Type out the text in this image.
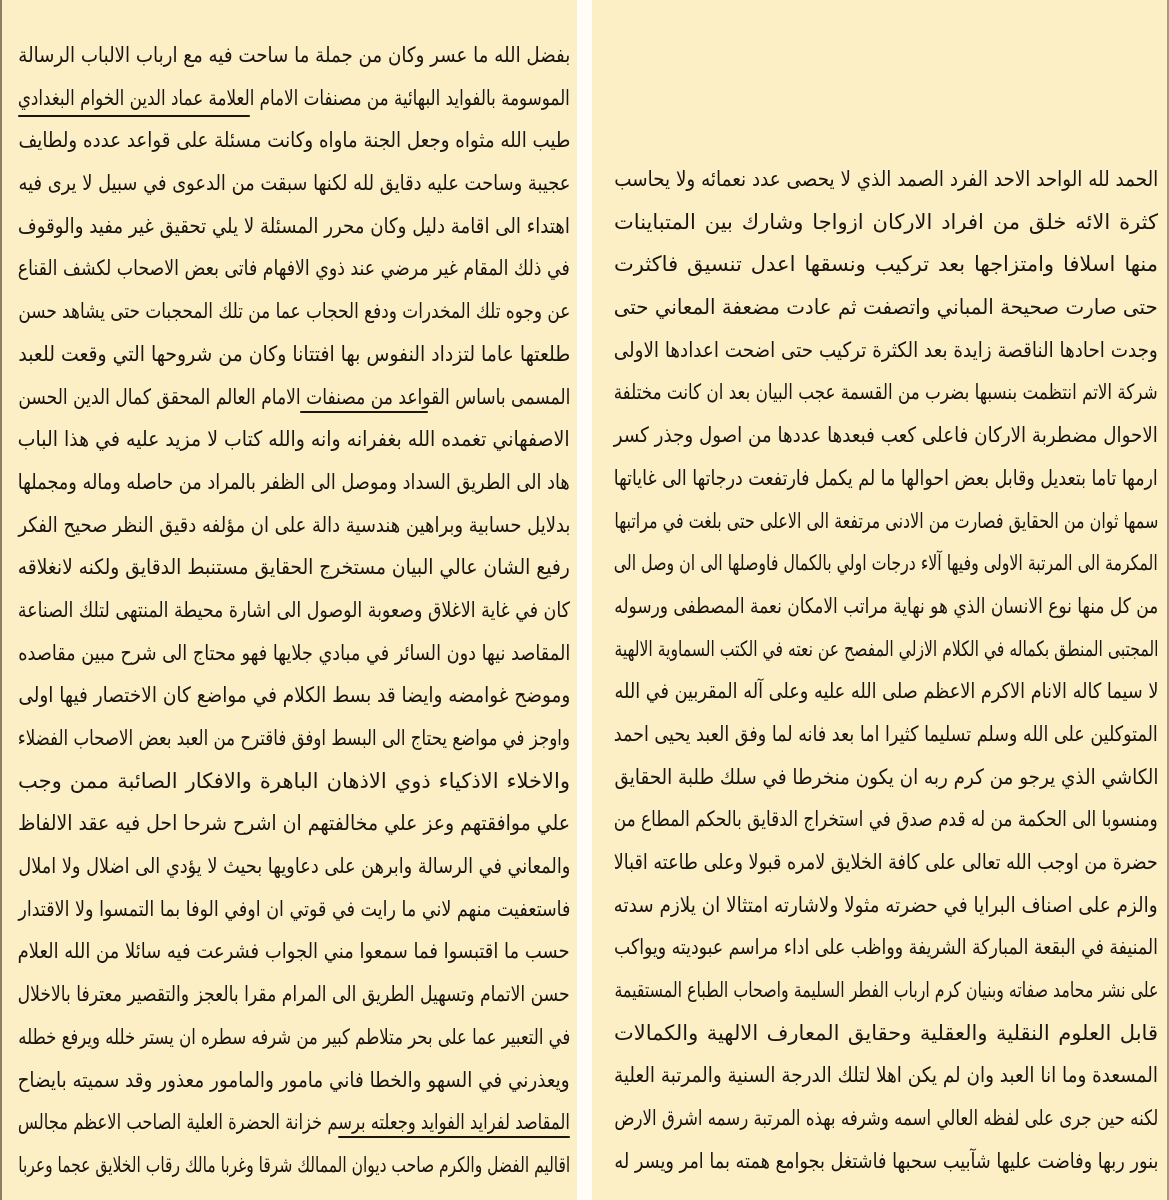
بفضل الله ما عسر وكان من جملة ما ساحت فيه مع ارباب الالباب الرسالة
الموسومة بالفوايد البهائية من مصنفات الامام العلامة عماد الدين الخوام البغدادي
طيب الله مثواه وجعل الجنة ماواه وكانت مسئلة على قواعد عدده ولطايف
عجيبة وساحت عليه دقايق لله لكنها سبقت من الدعوى في سبيل لا يرى فيه
اهتداء الى اقامة دليل وكان محرر المسئلة لا يلي تحقيق غير مفيد والوقوف
في ذلك المقام غير مرضي عند ذوي الافهام فاتى بعض الاصحاب لكشف القناع
عن وجوه تلك المخدرات ودفع الحجاب عما من تلك المحجبات حتى يشاهد حسن
طلعتها عاما لتزداد النفوس بها افتتانا وكان من شروحها التي وقعت للعبد
المسمى باساس القواعد من مصنفات الامام العالم المحقق كمال الدين الحسن
الاصفهاني تغمده الله بغفرانه وانه والله كتاب لا مزيد عليه في هذا الباب
هاد الى الطريق السداد وموصل الى الظفر بالمراد من حاصله وماله ومجملها
بدلايل حسابية وبراهين هندسية دالة على ان مؤلفه دقيق النظر صحيح الفكر
رفيع الشان عالي البيان مستخرج الحقايق مستنبط الدقايق ولكنه لانغلاقه
كان في غاية الاغلاق وصعوبة الوصول الى اشارة محيطة المنتهى لتلك الصناعة
المقاصد نيها دون السائر في مبادي جلايها فهو محتاج الى شرح مبين مقاصده
وموضح غوامضه وايضا قد بسط الكلام في مواضع كان الاختصار فيها اولى
واوجز في مواضع يحتاج الى البسط اوفق فاقترح من العبد بعض الاصحاب الفضلاء
والاخلاء الاذكياء ذوي الاذهان الباهرة والافكار الصائبة ممن وجب
علي موافقتهم وعز علي مخالفتهم ان اشرح شرحا احل فيه عقد الالفاظ
والمعاني في الرسالة وابرهن على دعاويها بحيث لا يؤدي الى اضلال ولا املال
فاستعفيت منهم لاني ما رايت في قوتي ان اوفي الوفا بما التمسوا ولا الاقتدار
حسب ما اقتبسوا فما سمعوا مني الجواب فشرعت فيه سائلا من الله العلام
حسن الاتمام وتسهيل الطريق الى المرام مقرا بالعجز والتقصير معترفا بالاخلال
في التعبير عما على بحر متلاطم كبير من شرفه سطره ان يستر خلله ويرفع خطله
ويعذرني في السهو والخطا فاني مامور والمامور معذور وقد سميته بايضاح
المقاصد لفرايد الفوايد وجعلته برسم خزانة الحضرة العلية الصاحب الاعظم مجالس
اقاليم الفضل والكرم صاحب ديوان الممالك شرقا وغربا مالك رقاب الخلايق عجما وعربا
الحمد لله الواحد الاحد الفرد الصمد الذي لا يحصى عدد نعمائه ولا يحاسب
كثرة الائه خلق من افراد الاركان ازواجا وشارك بين المتباينات
منها اسلافا وامتزاجها بعد تركيب ونسقها اعدل تنسيق فاكثرت
حتى صارت صحيحة المباني واتصفت ثم عادت مضعفة المعاني حتى
وجدت احادها الناقصة زايدة بعد الكثرة تركيب حتى اضحت اعدادها الاولى
شركة الاتم انتظمت بنسبها بضرب من القسمة عجب البيان بعد ان كانت مختلفة
الاحوال مضطربة الاركان فاعلى كعب فبعدها عددها من اصول وجذر كسر
ارمها تاما بتعديل وقابل بعض احوالها ما لم يكمل فارتفعت درجاتها الى غاياتها
سمها ثوان من الحقايق فصارت من الادنى مرتفعة الى الاعلى حتى بلغت في مراتبها
المكرمة الى المرتبة الاولى وفيها آلاء درجات اولي بالكمال فاوصلها الى ان وصل الى
من كل منها نوع الانسان الذي هو نهاية مراتب الامكان نعمة المصطفى ورسوله
المجتبى المنطق بكماله في الكلام الازلي المفصح عن نعته في الكتب السماوية الالهية
لا سيما كاله الانام الاكرم الاعظم صلى الله عليه وعلى آله المقربين في الله
المتوكلين على الله وسلم تسليما كثيرا اما بعد فانه لما وفق العبد يحيى احمد
الكاشي الذي يرجو من كرم ربه ان يكون منخرطا في سلك طلبة الحقايق
ومنسوبا الى الحكمة من له قدم صدق في استخراج الدقايق بالحكم المطاع من
حضرة من اوجب الله تعالى على كافة الخلايق لامره قبولا وعلى طاعته اقبالا
والزم على اصناف البرايا في حضرته مثولا ولاشارته امتثالا ان يلازم سدته
المنيفة في البقعة المباركة الشريفة وواظب على اداء مراسم عبوديته ويواكب
على نشر محامد صفاته وبنيان كرم ارباب الفطر السليمة واصحاب الطباع المستقيمة
قابل العلوم النقلية والعقلية وحقايق المعارف الالهية والكمالات
المسعدة وما انا العبد وان لم يكن اهلا لتلك الدرجة السنية والمرتبة العلية
لكنه حين جرى على لفظه العالي اسمه وشرفه بهذه المرتبة رسمه اشرق الارض
بنور ربها وفاضت عليها شآبيب سحبها فاشتغل بجوامع همته بما امر ويسر له
